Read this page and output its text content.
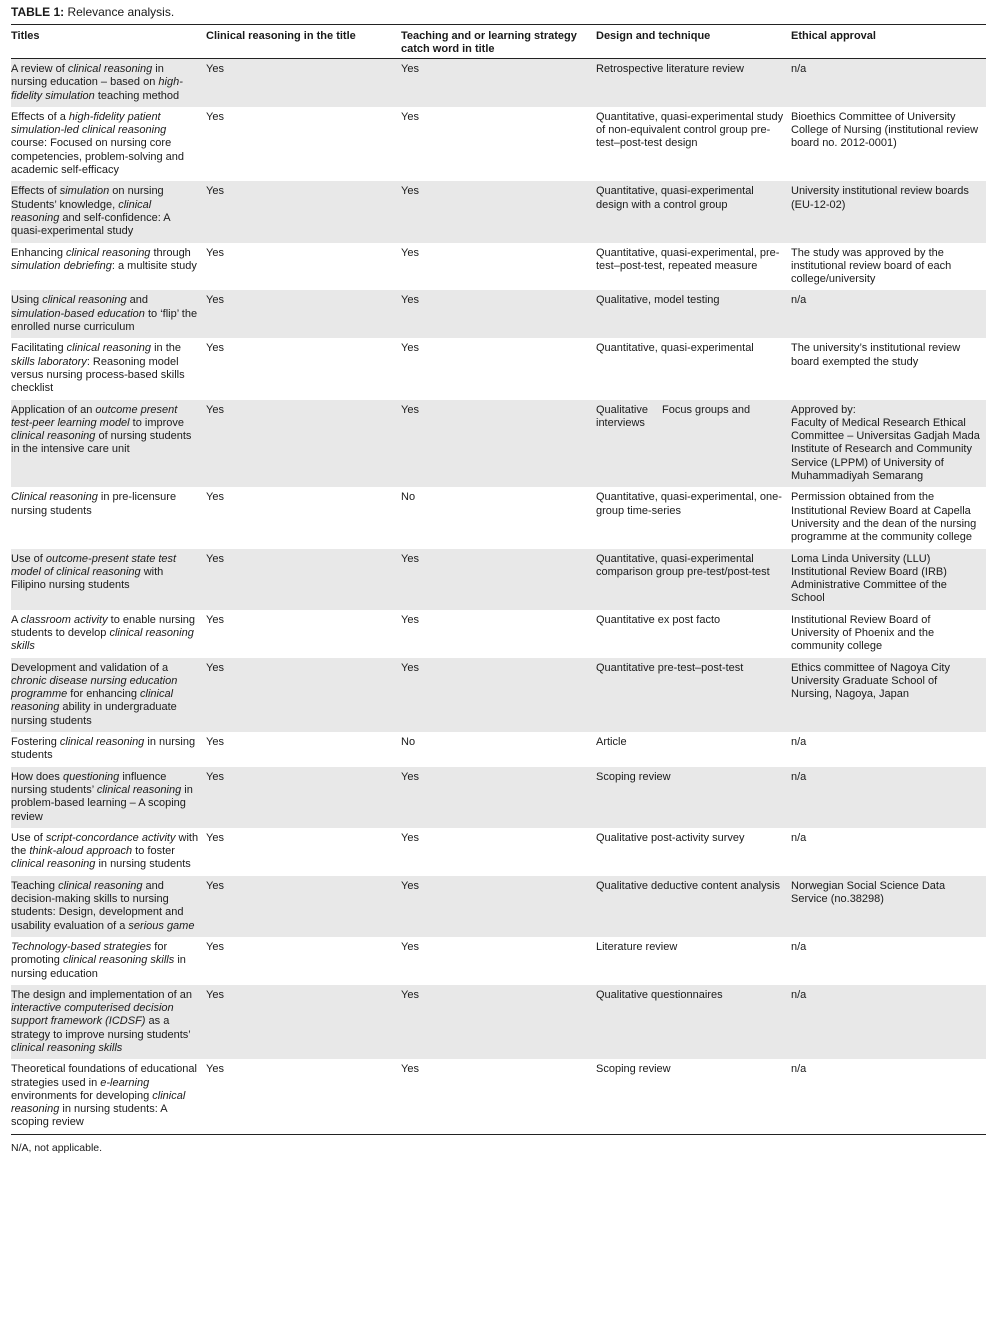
TABLE 1: Relevance analysis.
Titles	Clinical reasoning in the title	Teaching and or learning strategy catch word in title	Design and technique	Ethical approval
A review of clinical reasoning in nursing education – based on high-fidelity simulation teaching method	Yes	Yes	Retrospective literature review	n/a
Effects of a high-fidelity patient simulation-led clinical reasoning course: Focused on nursing core competencies, problem-solving and academic self-efficacy	Yes	Yes	Quantitative, quasi-experimental study of non-equivalent control group pre-test–post-test design	Bioethics Committee of University College of Nursing (institutional review board no. 2012-0001)
Effects of simulation on nursing Students’ knowledge, clinical reasoning and self-confidence: A quasi-experimental study	Yes	Yes	Quantitative, quasi-experimental design with a control group	University institutional review boards (EU-12-02)
Enhancing clinical reasoning through simulation debriefing: a multisite study	Yes	Yes	Quantitative, quasi-experimental, pre-test–post-test, repeated measure	The study was approved by the institutional review board of each college/university
Using clinical reasoning and simulation-based education to ‘flip’ the enrolled nurse curriculum	Yes	Yes	Qualitative, model testing	n/a
Facilitating clinical reasoning in the skills laboratory: Reasoning model versus nursing process-based skills checklist	Yes	Yes	Quantitative, quasi-experimental	The university’s institutional review board exempted the study
Application of an outcome present test-peer learning model to improve clinical reasoning of nursing students in the intensive care unit	Yes	Yes	Qualitative  Focus groups and interviews	Approved by:
Faculty of Medical Research Ethical Committee – Universitas Gadjah Mada
Institute of Research and Community Service (LPPM) of University of Muhammadiyah Semarang
Clinical reasoning in pre-licensure nursing students	Yes	No	Quantitative, quasi-experimental, one-group time-series	Permission obtained from the Institutional Review Board at Capella University and the dean of the nursing programme at the community college
Use of outcome-present state test model of clinical reasoning with Filipino nursing students	Yes	Yes	Quantitative, quasi-experimental comparison group pre-test/post-test	Loma Linda University (LLU) Institutional Review Board (IRB) Administrative Committee of the School
A classroom activity to enable nursing students to develop clinical reasoning skills	Yes	Yes	Quantitative ex post facto	Institutional Review Board of University of Phoenix and the community college
Development and validation of a chronic disease nursing education programme for enhancing clinical reasoning ability in undergraduate nursing students	Yes	Yes	Quantitative pre-test–post-test	Ethics committee of Nagoya City University Graduate School of Nursing, Nagoya, Japan
Fostering clinical reasoning in nursing students	Yes	No	Article	n/a
How does questioning influence nursing students’ clinical reasoning in problem-based learning – A scoping review	Yes	Yes	Scoping review	n/a
Use of script-concordance activity with the think-aloud approach to foster clinical reasoning in nursing students	Yes	Yes	Qualitative post-activity survey	n/a
Teaching clinical reasoning and decision-making skills to nursing students: Design, development and usability evaluation of a serious game	Yes	Yes	Qualitative deductive content analysis	Norwegian Social Science Data Service (no.38298)
Technology-based strategies for promoting clinical reasoning skills in nursing education	Yes	Yes	Literature review	n/a
The design and implementation of an interactive computerised decision support framework (ICDSF) as a strategy to improve nursing students’ clinical reasoning skills	Yes	Yes	Qualitative questionnaires	n/a
Theoretical foundations of educational strategies used in e-learning environments for developing clinical reasoning in nursing students: A scoping review	Yes	Yes	Scoping review	n/a
N/A, not applicable.
